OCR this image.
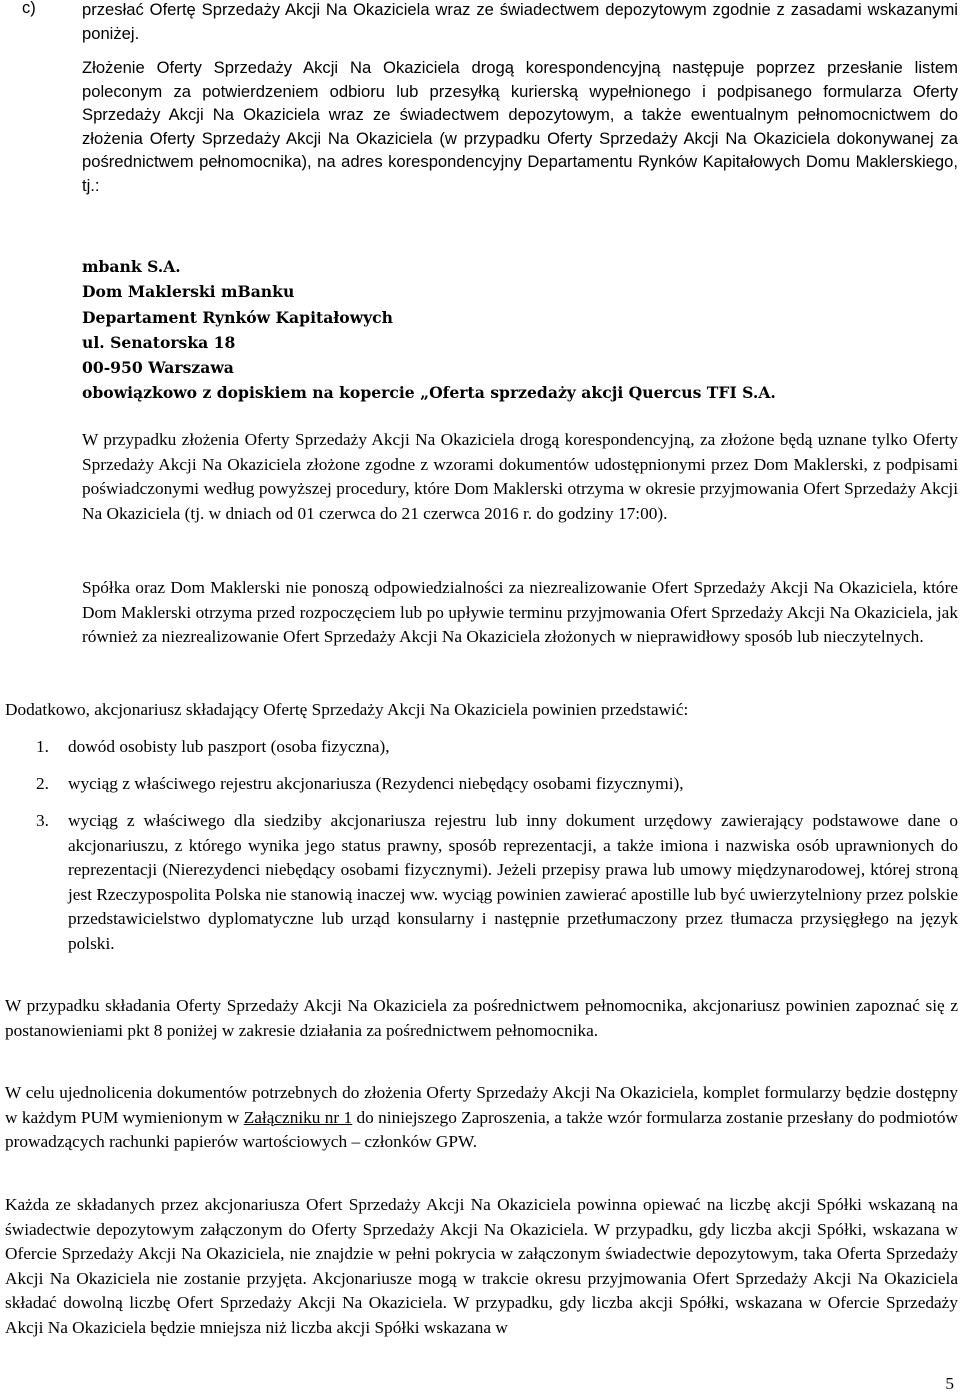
c)	przesłać Ofertę Sprzedaży Akcji Na Okaziciela wraz ze świadectwem depozytowym zgodnie z zasadami wskazanymi poniżej.

Złożenie Oferty Sprzedaży Akcji Na Okaziciela drogą korespondencyjną następuje poprzez przesłanie listem poleconym za potwierdzeniem odbioru lub przesyłką kurierską wypełnionego i podpisanego formularza Oferty Sprzedaży Akcji Na Okaziciela wraz ze świadectwem depozytowym, a także ewentualnym pełnomocnictwem do złożenia Oferty Sprzedaży Akcji Na Okaziciela (w przypadku Oferty Sprzedaży Akcji Na Okaziciela dokonywanej za pośrednictwem pełnomocnika), na adres korespondencyjny Departamentu Rynków Kapitałowych Domu Maklerskiego, tj.:

mbank S.A.
Dom Maklerski mBanku
Departament Rynków Kapitałowych
ul. Senatorska 18
00-950 Warszawa
obowiązkowo z dopiskiem na kopercie „Oferta sprzedaży akcji Quercus TFI S.A.

W przypadku złożenia Oferty Sprzedaży Akcji Na Okaziciela drogą korespondencyjną, za złożone będą uznane tylko Oferty Sprzedaży Akcji Na Okaziciela złożone zgodne z wzorami dokumentów udostępnionymi przez Dom Maklerski, z podpisami poświadczonymi według powyższej procedury, które Dom Maklerski otrzyma w okresie przyjmowania Ofert Sprzedaży Akcji Na Okaziciela (tj. w dniach od 01 czerwca do 21 czerwca 2016 r. do godziny 17:00).

Spółka oraz Dom Maklerski nie ponoszą odpowiedzialności za niezrealizowanie Ofert Sprzedaży Akcji Na Okaziciela, które Dom Maklerski otrzyma przed rozpoczęciem lub po upływie terminu przyjmowania Ofert Sprzedaży Akcji Na Okaziciela, jak również za niezrealizowanie Ofert Sprzedaży Akcji Na Okaziciela złożonych w nieprawidłowy sposób lub nieczytelnych.

Dodatkowo, akcjonariusz składający Ofertę Sprzedaży Akcji Na Okaziciela powinien przedstawić:

1. dowód osobisty lub paszport (osoba fizyczna),

2. wyciąg z właściwego rejestru akcjonariusza (Rezydenci niebędący osobami fizycznymi),

3. wyciąg z właściwego dla siedziby akcjonariusza rejestru lub inny dokument urzędowy zawierający podstawowe dane o akcjonariuszu, z którego wynika jego status prawny, sposób reprezentacji, a także imiona i nazwiska osób uprawnionych do reprezentacji (Nierezydenci niebędący osobami fizycznymi). Jeżeli przepisy prawa lub umowy międzynarodowej, której stroną jest Rzeczypospolita Polska nie stanowią inaczej ww. wyciąg powinien zawierać apostille lub być uwierzytelniony przez polskie przedstawicielstwo dyplomatyczne lub urząd konsularny i następnie przetłumaczony przez tłumacza przysięgłego na język polski.

W przypadku składania Oferty Sprzedaży Akcji Na Okaziciela za pośrednictwem pełnomocnika, akcjonariusz powinien zapoznać się z postanowieniami pkt 8 poniżej w zakresie działania za pośrednictwem pełnomocnika.

W celu ujednolicenia dokumentów potrzebnych do złożenia Oferty Sprzedaży Akcji Na Okaziciela, komplet formularzy będzie dostępny w każdym PUM wymienionym w Załączniku nr 1 do niniejszego Zaproszenia, a także wzór formularza zostanie przesłany do podmiotów prowadzących rachunki papierów wartościowych – członków GPW.

Każda ze składanych przez akcjonariusza Ofert Sprzedaży Akcji Na Okaziciela powinna opiewać na liczbę akcji Spółki wskazaną na świadectwie depozytowym załączonym do Oferty Sprzedaży Akcji Na Okaziciela. W przypadku, gdy liczba akcji Spółki, wskazana w Ofercie Sprzedaży Akcji Na Okaziciela, nie znajdzie w pełni pokrycia w załączonym świadectwie depozytowym, taka Oferta Sprzedaży Akcji Na Okaziciela nie zostanie przyjęta. Akcjonariusze mogą w trakcie okresu przyjmowania Ofert Sprzedaży Akcji Na Okaziciela składać dowolną liczbę Ofert Sprzedaży Akcji Na Okaziciela. W przypadku, gdy liczba akcji Spółki, wskazana w Ofercie Sprzedaży Akcji Na Okaziciela będzie mniejsza niż liczba akcji Spółki wskazana w

5
